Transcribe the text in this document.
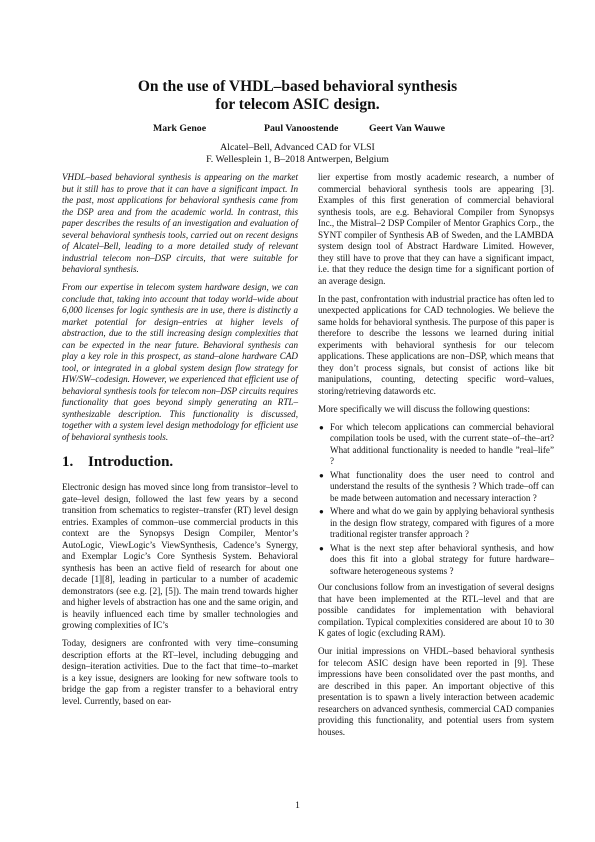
On the use of VHDL–based behavioral synthesis
for telecom ASIC design.
Mark Genoe	Paul Vanoostende	Geert Van Wauwe
Alcatel–Bell, Advanced CAD for VLSI
F. Wellesplein 1, B–2018 Antwerpen, Belgium

VHDL–based behavioral synthesis is appearing on the market but it still has to prove that it can have a significant impact. In the past, most applications for behavioral synthesis came from the DSP area and from the academic world. In contrast, this paper describes the results of an investigation and evaluation of several behavioral synthesis tools, carried out on recent designs of Alcatel–Bell, leading to a more detailed study of relevant industrial telecom non–DSP circuits, that were suitable for behavioral synthesis.

From our expertise in telecom system hardware design, we can conclude that, taking into account that today world–wide about 6,000 licenses for logic synthesis are in use, there is distinctly a market potential for design–entries at higher levels of abstraction, due to the still increasing design complexities that can be expected in the near future. Behavioral synthesis can play a key role in this prospect, as stand–alone hardware CAD tool, or integrated in a global system design flow strategy for HW/SW–codesign. However, we experienced that efficient use of behavioral synthesis tools for telecom non–DSP circuits requires functionality that goes beyond simply generating an RTL–synthesizable description. This functionality is discussed, together with a system level design methodology for efficient use of behavioral synthesis tools.

1. Introduction.

Electronic design has moved since long from transistor–level to gate–level design, followed the last few years by a second transition from schematics to register–transfer (RT) level design entries. Examples of common–use commercial products in this context are the Synopsys Design Compiler, Mentor’s AutoLogic, ViewLogic’s ViewSynthesis, Cadence’s Synergy, and Exemplar Logic’s Core Synthesis System. Behavioral synthesis has been an active field of research for about one decade [1][8], leading in particular to a number of academic demonstrators (see e.g. [2], [5]). The main trend towards higher and higher levels of abstraction has one and the same origin, and is heavily influenced each time by smaller technologies and growing complexities of IC’s

Today, designers are confronted with very time–consuming description efforts at the RT–level, including debugging and design–iteration activities. Due to the fact that time–to–market is a key issue, designers are looking for new software tools to bridge the gap from a register transfer to a behavioral entry level. Currently, based on ear-

lier expertise from mostly academic research, a number of commercial behavioral synthesis tools are appearing [3]. Examples of this first generation of commercial behavioral synthesis tools, are e.g. Behavioral Compiler from Synopsys Inc., the Mistral–2 DSP Compiler of Mentor Graphics Corp., the SYNT compiler of Synthesis AB of Sweden, and the LAMBDA system design tool of Abstract Hardware Limited. However, they still have to prove that they can have a significant impact, i.e. that they reduce the design time for a significant portion of an average design.

In the past, confrontation with industrial practice has often led to unexpected applications for CAD technologies. We believe the same holds for behavioral synthesis. The purpose of this paper is therefore to describe the lessons we learned during initial experiments with behavioral synthesis for our telecom applications. These applications are non–DSP, which means that they don’t process signals, but consist of actions like bit manipulations, counting, detecting specific word–values, storing/retrieving datawords etc.

More specifically we will discuss the following questions:

● For which telecom applications can commercial behavioral compilation tools be used, with the current state–of–the–art? What additional functionality is needed to handle ”real–life” ?
● What functionality does the user need to control and understand the results of the synthesis ? Which trade–off can be made between automation and necessary interaction ?
● Where and what do we gain by applying behavioral synthesis in the design flow strategy, compared with figures of a more traditional register transfer approach ?
● What is the next step after behavioral synthesis, and how does this fit into a global strategy for future hardware–software heterogeneous systems ?

Our conclusions follow from an investigation of several designs that have been implemented at the RTL–level and that are possible candidates for implementation with behavioral compilation. Typical complexities considered are about 10 to 30 K gates of logic (excluding RAM).

Our initial impressions on VHDL–based behavioral synthesis for telecom ASIC design have been reported in [9]. These impressions have been consolidated over the past months, and are described in this paper. An important objective of this presentation is to spawn a lively interaction between academic researchers on advanced synthesis, commercial CAD companies providing this functionality, and potential users from system houses.

1
